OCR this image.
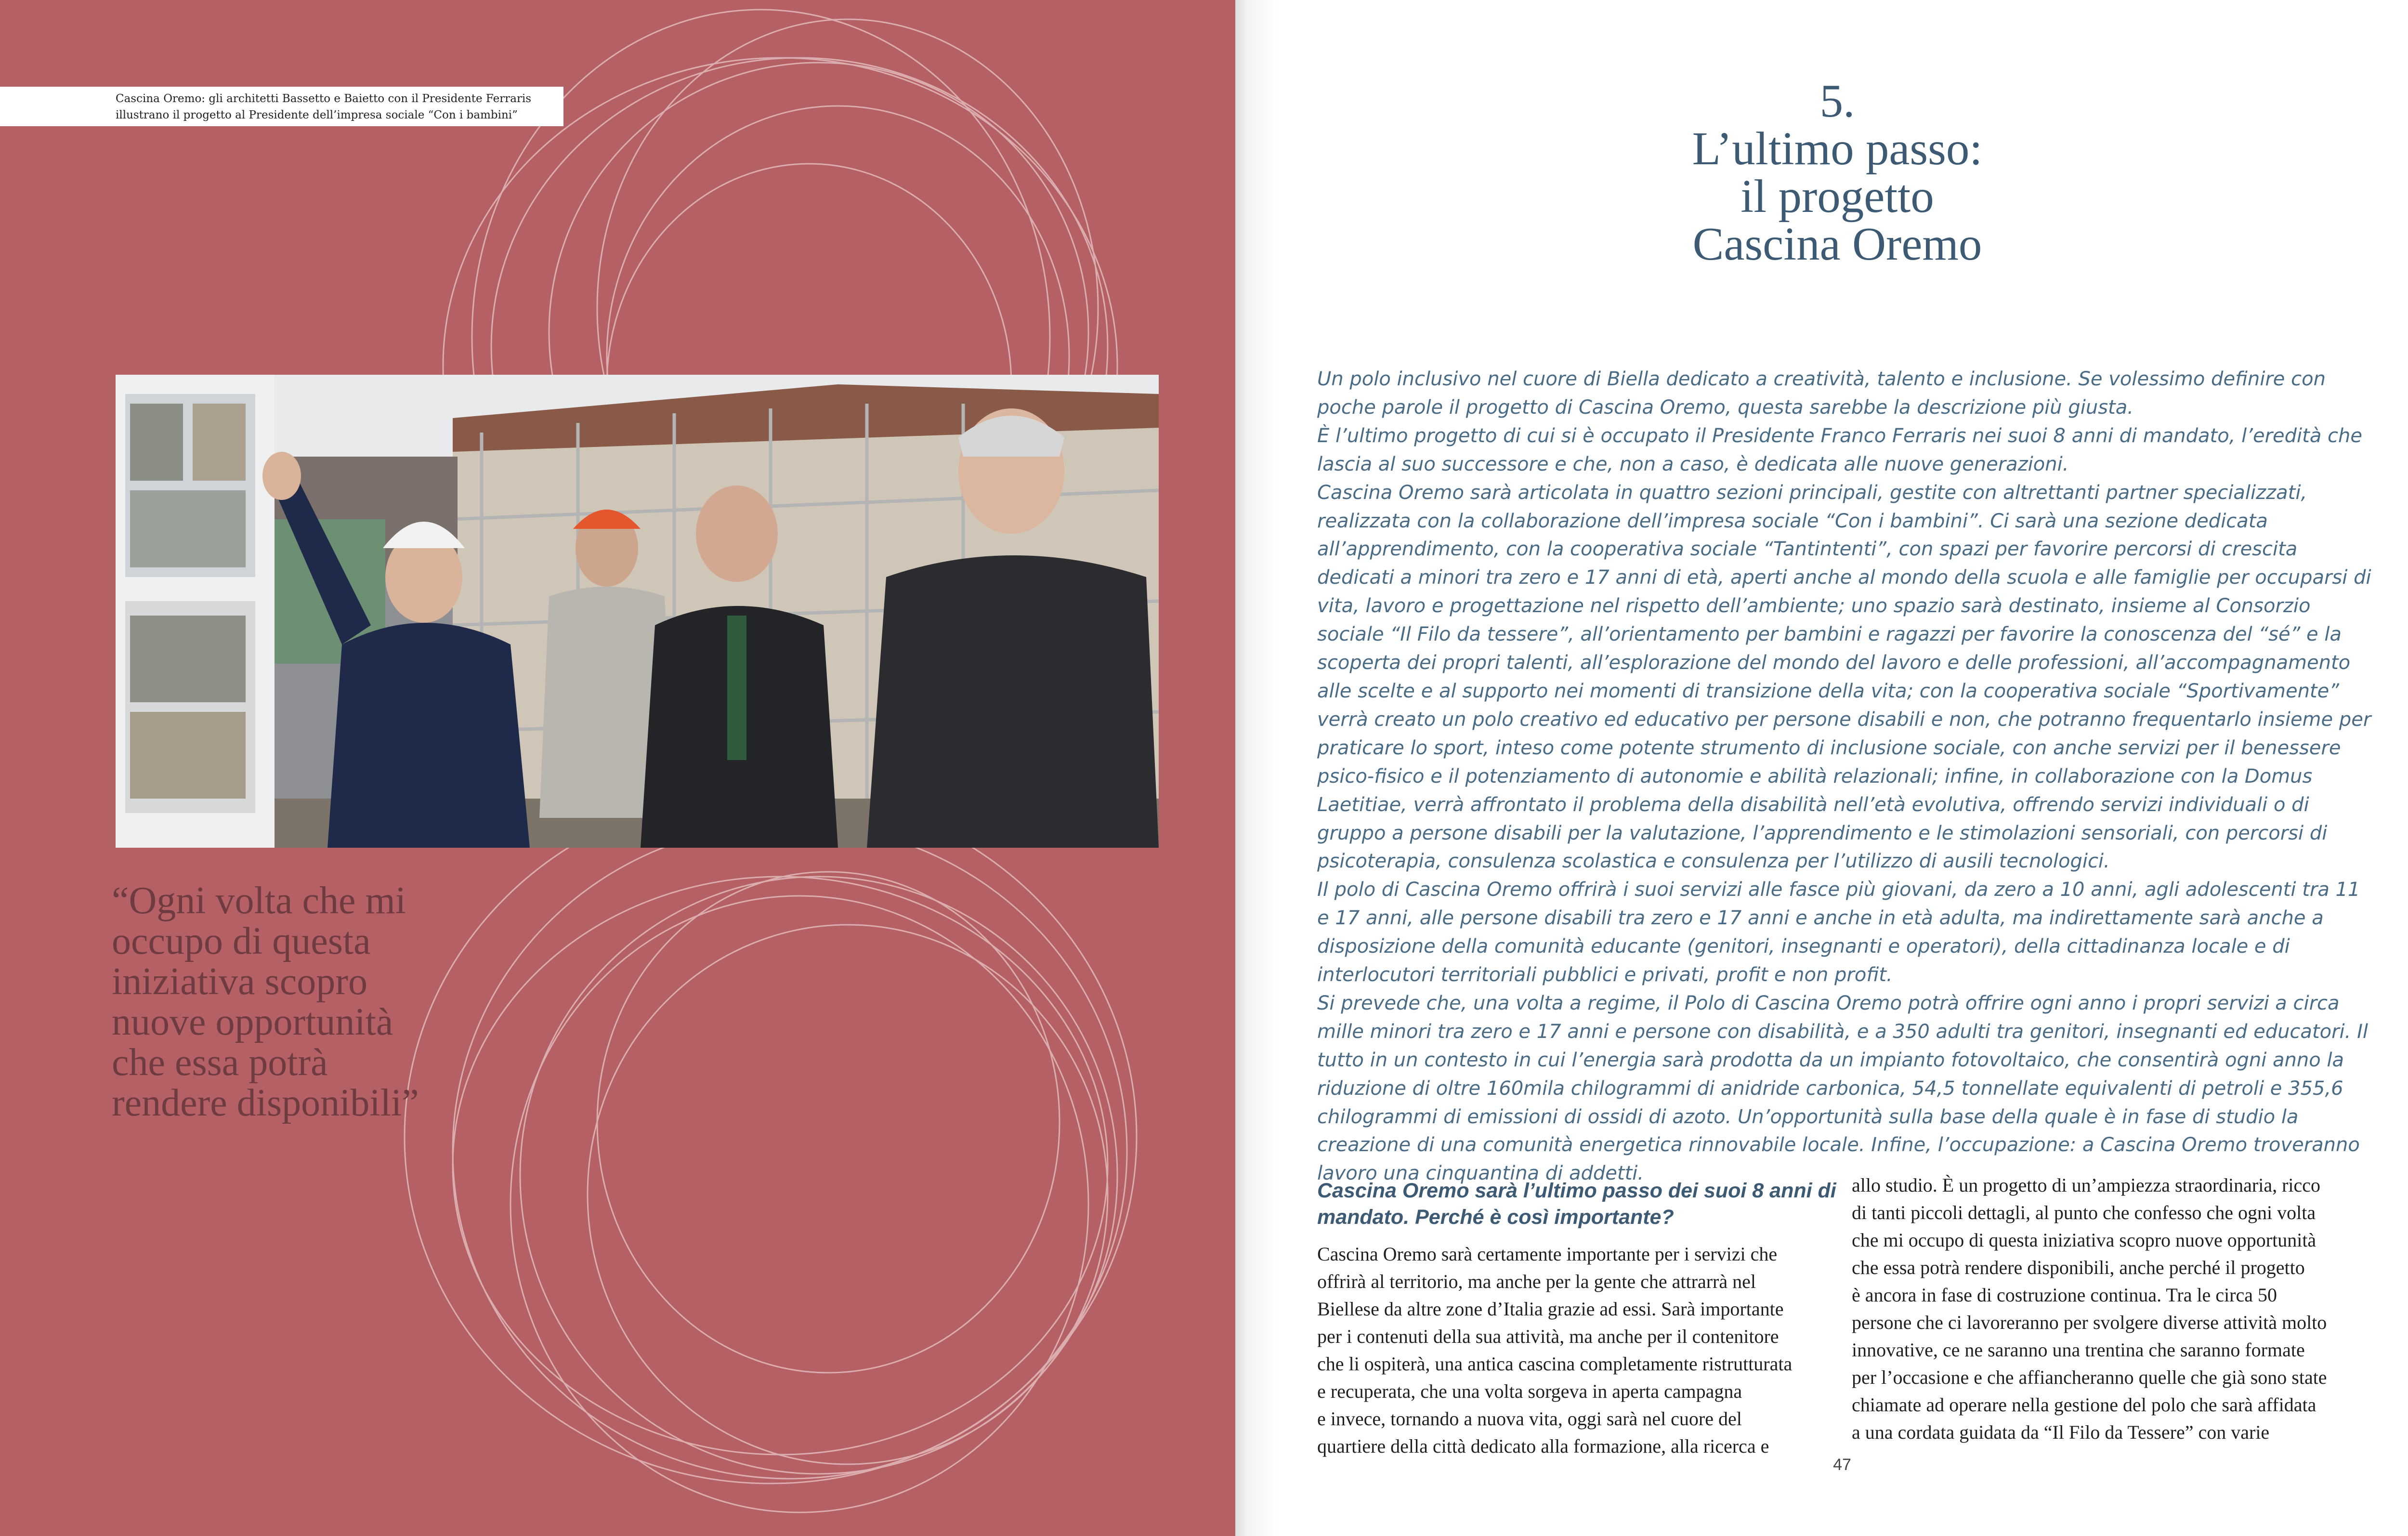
Cascina Oremo: gli architetti Bassetto e Baietto con il Presidente Ferraris
illustrano il progetto al Presidente dell’impresa sociale “Con i bambini”
“Ogni volta che mi
occupo di questa
iniziativa scopro
nuove opportunità
che essa potrà
rendere disponibili”
5.
L’ultimo passo:
il progetto
Cascina Oremo

Un polo inclusivo nel cuore di Biella dedicato a creatività, talento e inclusione. Se volessimo definire con poche parole il progetto di Cascina Oremo, questa sarebbe la descrizione più giusta.

È l’ultimo progetto di cui si è occupato il Presidente Franco Ferraris nei suoi 8 anni di mandato, l’eredità che lascia al suo successore e che, non a caso, è dedicata alle nuove generazioni.

Cascina Oremo sarà articolata in quattro sezioni principali, gestite con altrettanti partner specializzati, realizzata con la collaborazione dell’impresa sociale “Con i bambini”. Ci sarà una sezione dedicata all’apprendimento, con la cooperativa sociale “Tantintenti”, con spazi per favorire percorsi di crescita dedicati a minori tra zero e 17 anni di età, aperti anche al mondo della scuola e alle famiglie per occuparsi di vita, lavoro e progettazione nel rispetto dell’ambiente; uno spazio sarà destinato, insieme al Consorzio sociale “Il Filo da tessere”, all’orientamento per bambini e ragazzi per favorire la conoscenza del “sé” e la scoperta dei propri talenti, all’esplorazione del mondo del lavoro e delle professioni, all’accompagnamento alle scelte e al supporto nei momenti di transizione della vita; con la cooperativa sociale “Sportivamente” verrà creato un polo creativo ed educativo per persone disabili e non, che potranno frequentarlo insieme per praticare lo sport, inteso come potente strumento di inclusione sociale, con anche servizi per il benessere psico-fisico e il potenziamento di autonomie e abilità relazionali; infine, in collaborazione con la Domus Laetitiae, verrà affrontato il problema della disabilità nell’età evolutiva, offrendo servizi individuali o di gruppo a persone disabili per la valutazione, l’apprendimento e le stimolazioni sensoriali, con percorsi di psicoterapia, consulenza scolastica e consulenza per l’utilizzo di ausili tecnologici.

Il polo di Cascina Oremo offrirà i suoi servizi alle fasce più giovani, da zero a 10 anni, agli adolescenti tra 11 e 17 anni, alle persone disabili tra zero e 17 anni e anche in età adulta, ma indirettamente sarà anche a disposizione della comunità educante (genitori, insegnanti e operatori), della cittadinanza locale e di interlocutori territoriali pubblici e privati, profit e non profit.

Si prevede che, una volta a regime, il Polo di Cascina Oremo potrà offrire ogni anno i propri servizi a circa mille minori tra zero e 17 anni e persone con disabilità, e a 350 adulti tra genitori, insegnanti ed educatori. Il tutto in un contesto in cui l’energia sarà prodotta da un impianto fotovoltaico, che consentirà ogni anno la riduzione di oltre 160mila chilogrammi di anidride carbonica, 54,5 tonnellate equivalenti di petroli e 355,6 chilogrammi di emissioni di ossidi di azoto. Un’opportunità sulla base della quale è in fase di studio la creazione di una comunità energetica rinnovabile locale. Infine, l’occupazione: a Cascina Oremo troveranno lavoro una cinquantina di addetti.

Cascina Oremo sarà l’ultimo passo dei suoi 8 anni di
mandato. Perché è così importante?
Cascina Oremo sarà certamente importante per i servizi che
offrirà al territorio, ma anche per la gente che attrarrà nel
Biellese da altre zone d’Italia grazie ad essi. Sarà importante
per i contenuti della sua attività, ma anche per il contenitore
che li ospiterà, una antica cascina completamente ristrutturata
e recuperata, che una volta sorgeva in aperta campagna
e invece, tornando a nuova vita, oggi sarà nel cuore del
quartiere della città dedicato alla formazione, alla ricerca e
allo studio. È un progetto di un’ampiezza straordinaria, ricco
di tanti piccoli dettagli, al punto che confesso che ogni volta
che mi occupo di questa iniziativa scopro nuove opportunità
che essa potrà rendere disponibili, anche perché il progetto
è ancora in fase di costruzione continua. Tra le circa 50
persone che ci lavoreranno per svolgere diverse attività molto
innovative, ce ne saranno una trentina che saranno formate
per l’occasione e che affiancheranno quelle che già sono state
chiamate ad operare nella gestione del polo che sarà affidata
a una cordata guidata da “Il Filo da Tessere” con varie
47
